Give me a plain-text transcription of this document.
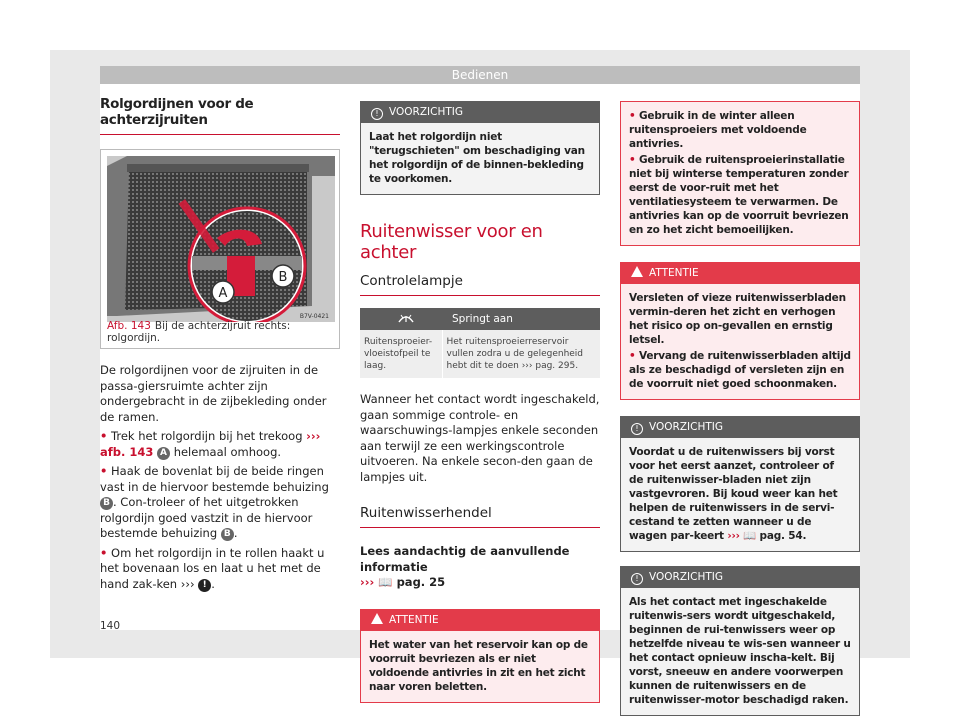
Bedienen
Rolgordijnen voor de achterzijruiten
A
B
B7V-0421
Afb. 143 Bij de achterzijruit rechts: rolgordijn.
De rolgordijnen voor de zijruiten in de passa-giersruimte achter zijn ondergebracht in de zijbekleding onder de ramen.
• Trek het rolgordijn bij het trekoog ››› afb. 143 A helemaal omhoog.
• Haak de bovenlat bij de beide ringen vast in de hiervoor bestemde behuizing B . Con-troleer of het uitgetrokken rolgordijn goed vastzit in de hiervoor bestemde behuizing B .
• Om het rolgordijn in te rollen haakt u het bovenaan los en laat u het met de hand zak-ken ››› ! .
! VOORZICHTIG
Laat het rolgordijn niet "terugschieten" om beschadiging van het rolgordijn of de binnen-bekleding te voorkomen.
Ruitenwisser voor en achter
Controlelampje
	Springt aan
Ruitensproeier-vloeistofpeil te laag.	Het ruitensproeierreservoir vullen zodra u de gelegenheid hebt dit te doen ››› pag. 295.
Wanneer het contact wordt ingeschakeld, gaan sommige controle- en waarschuwings-lampjes enkele seconden aan terwijl ze een werkingscontrole uitvoeren. Na enkele secon-den gaan de lampjes uit.
Ruitenwisserhendel
Lees aandachtig de aanvullende informatie
››› 📖 pag. 25
ATTENTIE
Het water van het reservoir kan op de voorruit bevriezen als er niet voldoende antivries in zit en het zicht naar voren beletten.
• Gebruik in de winter alleen ruitensproeiers met voldoende antivries.
• Gebruik de ruitensproeierinstallatie niet bij winterse temperaturen zonder eerst de voor-ruit met het ventilatiesysteem te verwarmen. De antivries kan op de voorruit bevriezen en zo het zicht bemoeilijken.
ATTENTIE
Versleten of vieze ruitenwisserbladen vermin-deren het zicht en verhogen het risico op on-gevallen en ernstig letsel.
• Vervang de ruitenwisserbladen altijd als ze beschadigd of versleten zijn en de voorruit niet goed schoonmaken.
! VOORZICHTIG
Voordat u de ruitenwissers bij vorst voor het eerst aanzet, controleer of de ruitenwisser-bladen niet zijn vastgevroren. Bij koud weer kan het helpen de ruitenwissers in de servi-cestand te zetten wanneer u de wagen par-keert ››› 📖 pag. 54.
! VOORZICHTIG
Als het contact met ingeschakelde ruitenwis-sers wordt uitgeschakeld, beginnen de rui-tenwissers weer op hetzelfde niveau te wis-sen wanneer u het contact opnieuw inscha-kelt. Bij vorst, sneeuw en andere voorwerpen kunnen de ruitenwissers en de ruitenwisser-motor beschadigd raken.
140
